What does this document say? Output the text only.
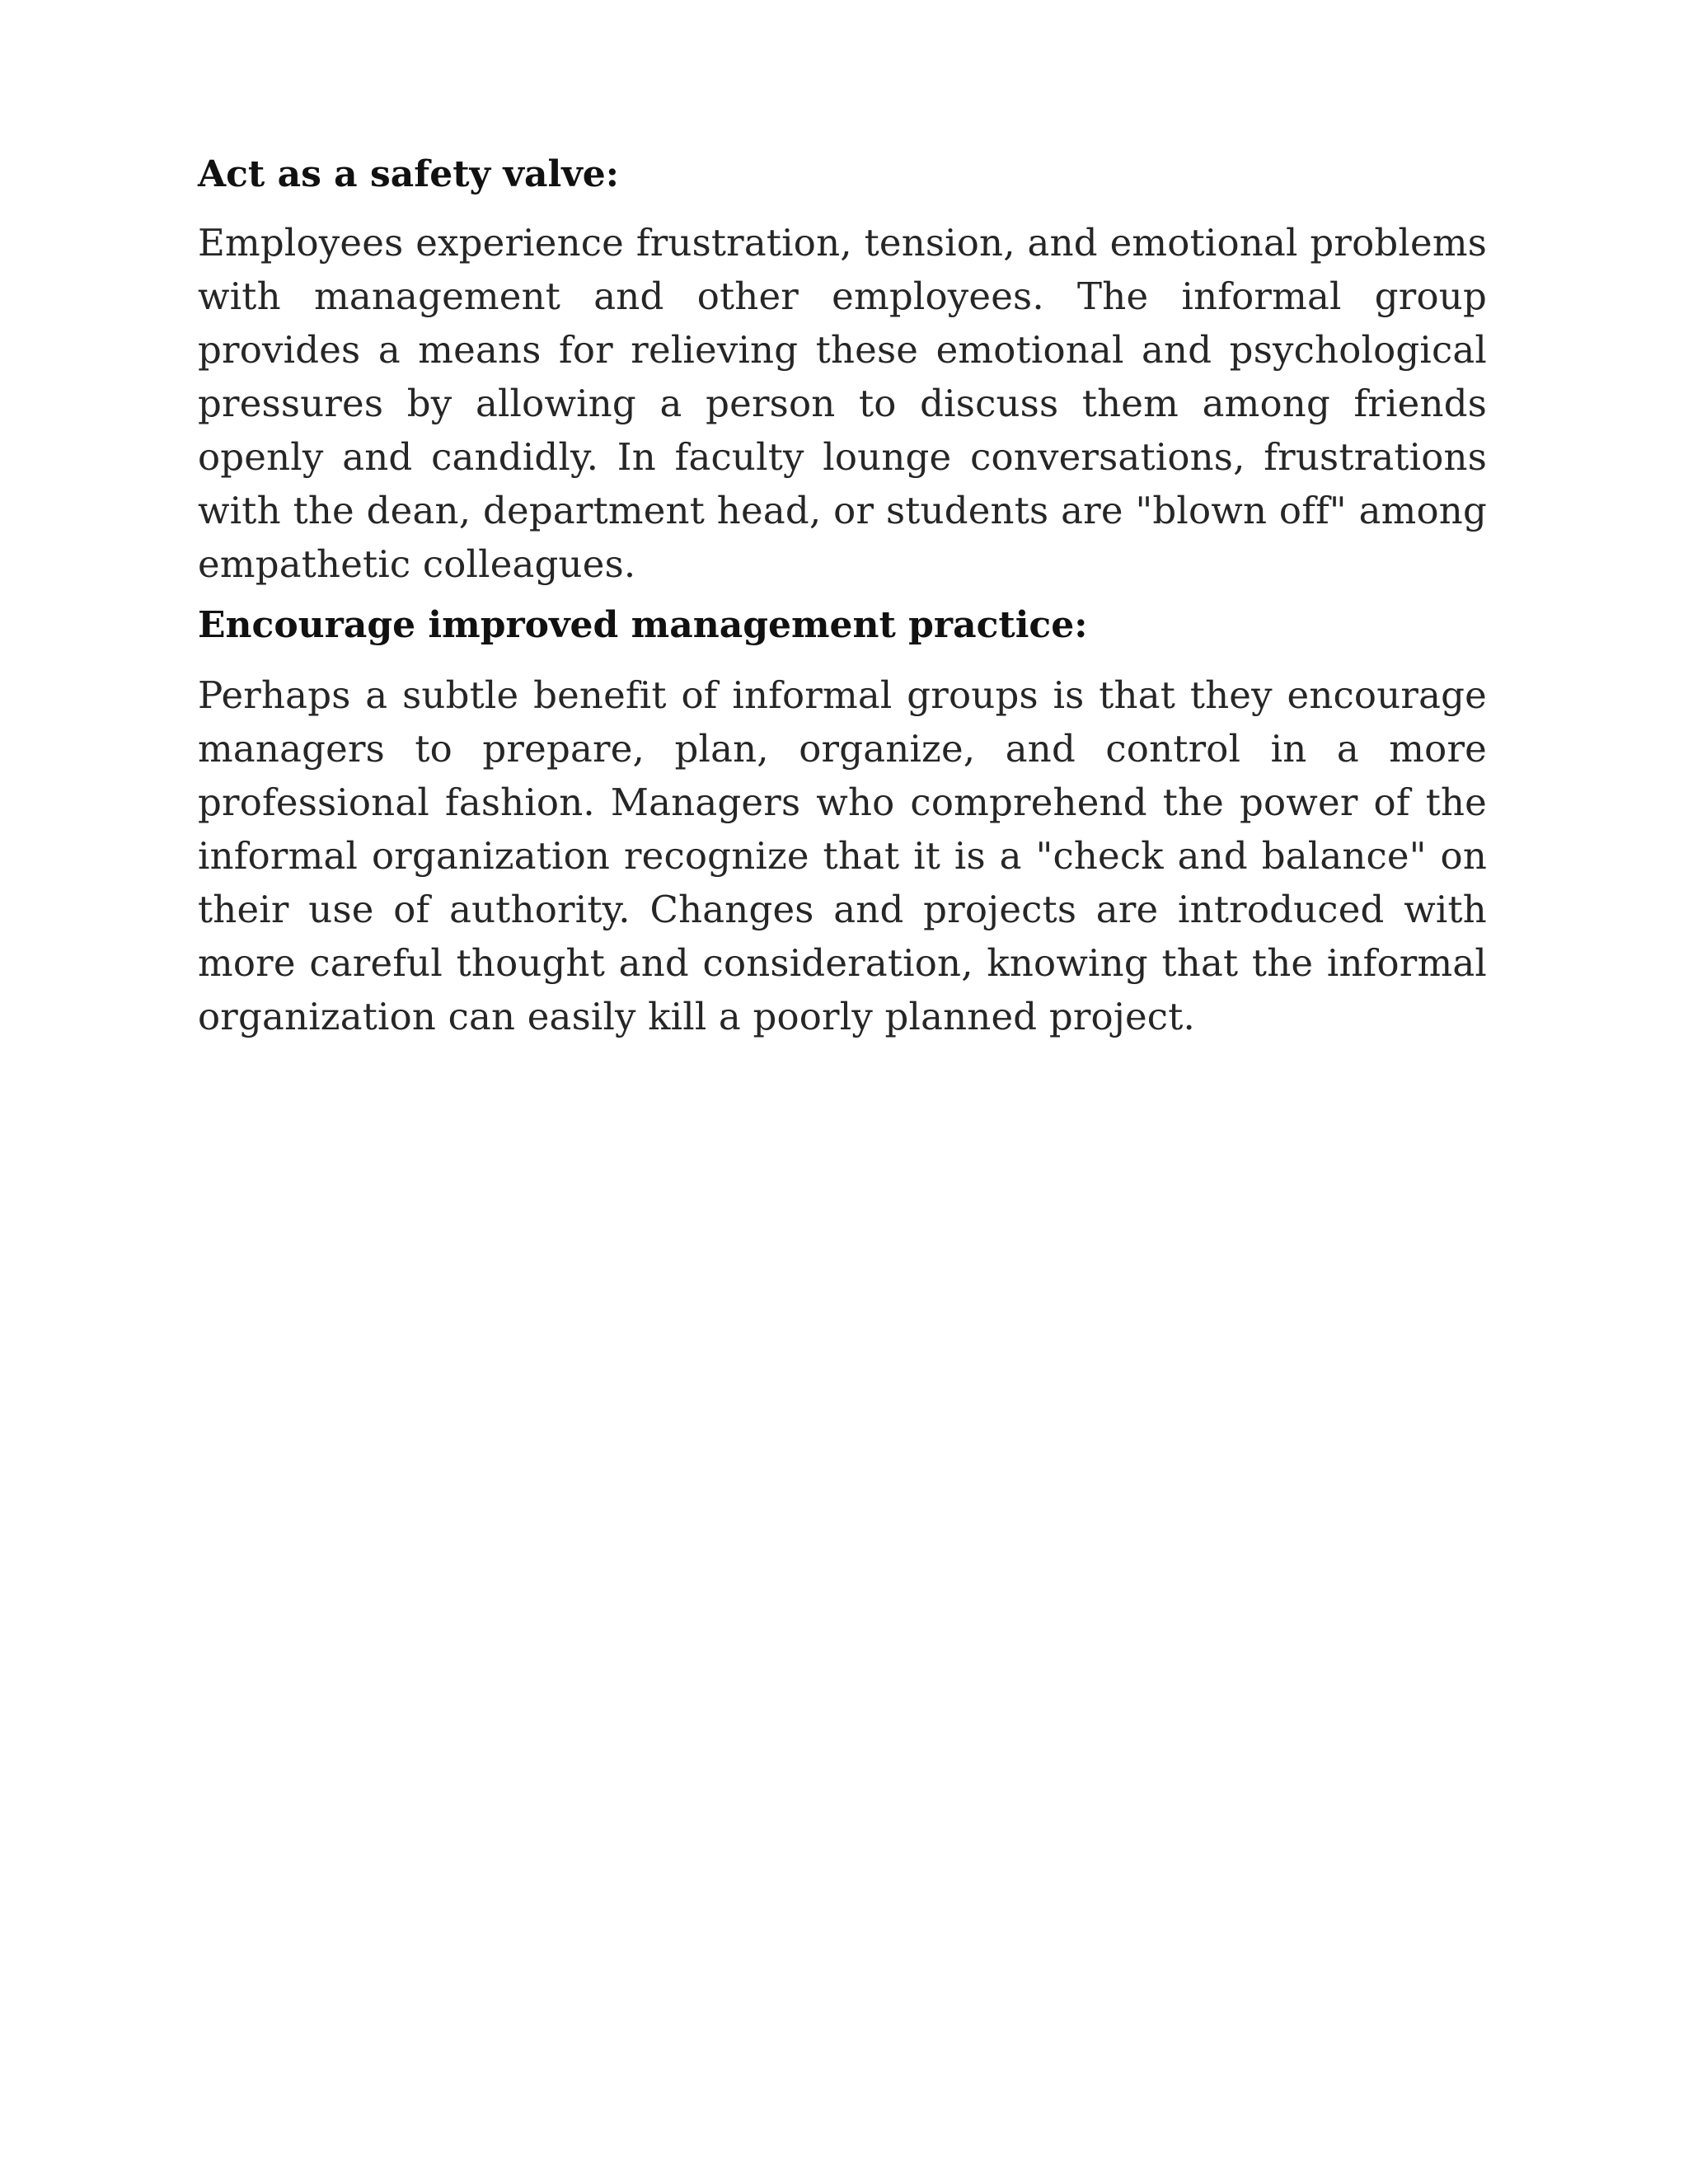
Act as a safety valve:

Employees experience frustration, tension, and emotional problems with management and other employees. The informal group provides a means for relieving these emotional and psychological pressures by allowing a person to discuss them among friends openly and candidly. In faculty lounge conversations, frustrations with the dean, department head, or students are "blown off" among empathetic colleagues.

Encourage improved management practice:

Perhaps a subtle benefit of informal groups is that they encourage managers to prepare, plan, organize, and control in a more professional fashion. Managers who comprehend the power of the informal organization recognize that it is a "check and balance" on their use of authority. Changes and projects are introduced with more careful thought and consideration, knowing that the informal organization can easily kill a poorly planned project.
